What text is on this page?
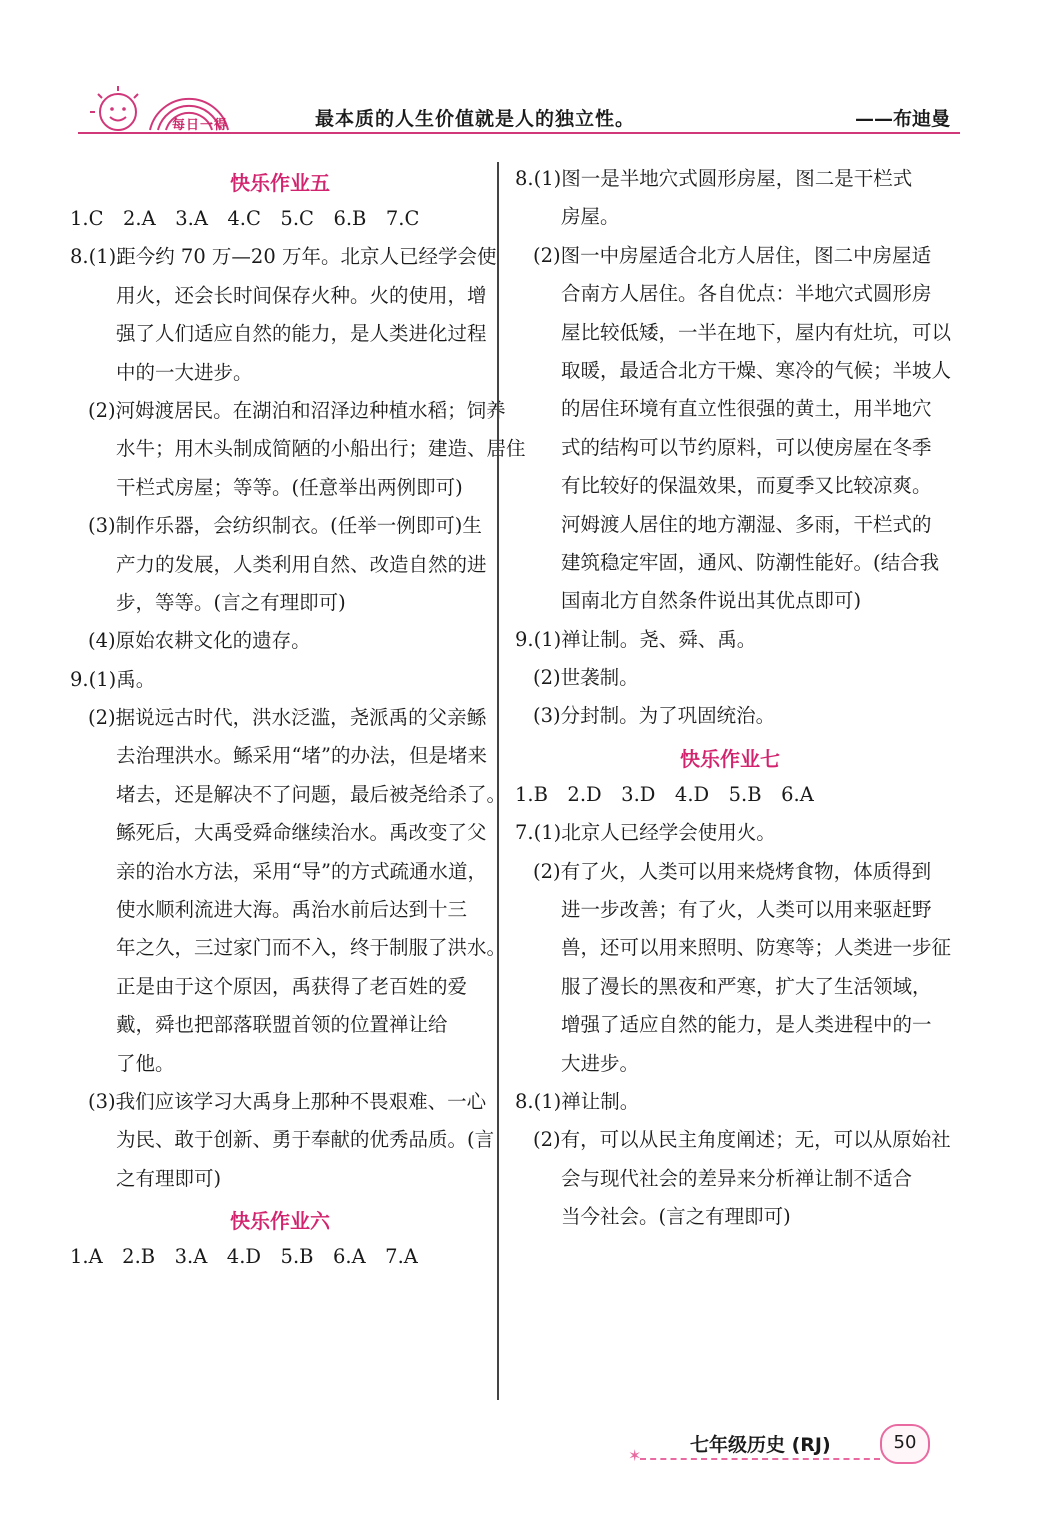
每日一得	最本质的人生价值就是人的独立性。	——布迪曼
快乐作业五
1.C　2.A　3.A　4.C　5.C　6.B　7.C
8.(1)距今约 70 万—20 万年。北京人已经学会使
用火，还会长时间保存火种。火的使用，增
强了人们适应自然的能力，是人类进化过程
中的一大进步。
(2)河姆渡居民。在湖泊和沼泽边种植水稻；饲养
水牛；用木头制成简陋的小船出行；建造、居住
干栏式房屋；等等。(任意举出两例即可)
(3)制作乐器，会纺织制衣。(任举一例即可)生
产力的发展，人类利用自然、改造自然的进
步，等等。(言之有理即可)
(4)原始农耕文化的遗存。
9.(1)禹。
(2)据说远古时代，洪水泛滥，尧派禹的父亲鲧
去治理洪水。鲧采用“堵”的办法，但是堵来
堵去，还是解决不了问题，最后被尧给杀了。
鲧死后，大禹受舜命继续治水。禹改变了父
亲的治水方法，采用“导”的方式疏通水道，
使水顺利流进大海。禹治水前后达到十三
年之久，三过家门而不入，终于制服了洪水。
正是由于这个原因，禹获得了老百姓的爱
戴，舜也把部落联盟首领的位置禅让给
了他。
(3)我们应该学习大禹身上那种不畏艰难、一心
为民、敢于创新、勇于奉献的优秀品质。(言
之有理即可)
快乐作业六
1.A　2.B　3.A　4.D　5.B　6.A　7.A
8.(1)图一是半地穴式圆形房屋，图二是干栏式
房屋。
(2)图一中房屋适合北方人居住，图二中房屋适
合南方人居住。各自优点：半地穴式圆形房
屋比较低矮，一半在地下，屋内有灶坑，可以
取暖，最适合北方干燥、寒冷的气候；半坡人
的居住环境有直立性很强的黄土，用半地穴
式的结构可以节约原料，可以使房屋在冬季
有比较好的保温效果，而夏季又比较凉爽。
河姆渡人居住的地方潮湿、多雨，干栏式的
建筑稳定牢固，通风、防潮性能好。(结合我
国南北方自然条件说出其优点即可)
9.(1)禅让制。尧、舜、禹。
(2)世袭制。
(3)分封制。为了巩固统治。
快乐作业七
1.B　2.D　3.D　4.D　5.B　6.A
7.(1)北京人已经学会使用火。
(2)有了火，人类可以用来烧烤食物，体质得到
进一步改善；有了火，人类可以用来驱赶野
兽，还可以用来照明、防寒等；人类进一步征
服了漫长的黑夜和严寒，扩大了生活领域，
增强了适应自然的能力，是人类进程中的一
大进步。
8.(1)禅让制。
(2)有，可以从民主角度阐述；无，可以从原始社
会与现代社会的差异来分析禅让制不适合
当今社会。(言之有理即可)
✶	七年级历史 (RJ)	50
